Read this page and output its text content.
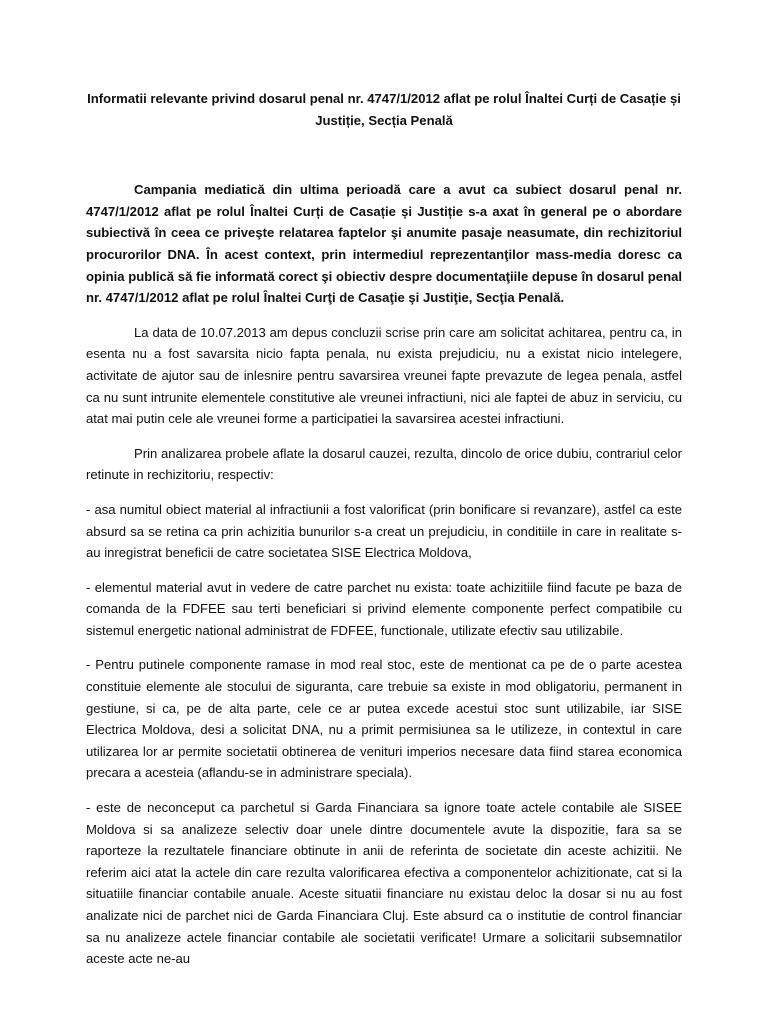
Informatii relevante privind dosarul penal nr. 4747/1/2012 aflat pe rolul Înaltei Curți de Casație și Justiție, Secția Penală

Campania mediatică din ultima perioadă care a avut ca subiect dosarul penal nr. 4747/1/2012 aflat pe rolul Înaltei Curți de Casație și Justiție s-a axat în general pe o abordare subiectivă în ceea ce priveşte relatarea faptelor şi anumite pasaje neasumate, din rechizitoriul procurorilor DNA. În acest context, prin intermediul reprezentanţilor mass-media doresc ca opinia publică să fie informată corect şi obiectiv despre documentaţiile depuse în dosarul penal nr. 4747/1/2012 aflat pe rolul Înaltei Curţi de Casaţie şi Justiţie, Secţia Penală.

La data de 10.07.2013 am depus concluzii scrise prin care am solicitat achitarea, pentru ca, in esenta nu a fost savarsita nicio fapta penala, nu exista prejudiciu, nu a existat nicio intelegere, activitate de ajutor sau de inlesnire pentru savarsirea vreunei fapte prevazute de legea penala, astfel ca nu sunt intrunite elementele constitutive ale vreunei infractiuni, nici ale faptei de abuz in serviciu, cu atat mai putin cele ale vreunei forme a participatiei la savarsirea acestei infractiuni.

Prin analizarea probele aflate la dosarul cauzei, rezulta, dincolo de orice dubiu, contrariul celor retinute in rechizitoriu, respectiv:

- asa numitul obiect material al infractiunii a fost valorificat (prin bonificare si revanzare), astfel ca este absurd sa se retina ca prin achizitia bunurilor s-a creat un prejudiciu, in conditiile in care in realitate s-au inregistrat beneficii de catre societatea SISE Electrica Moldova,

- elementul material avut in vedere de catre parchet nu exista: toate achizitiile fiind facute pe baza de comanda de la FDFEE sau terti beneficiari si privind elemente componente perfect compatibile cu sistemul energetic national administrat de FDFEE, functionale, utilizate efectiv sau utilizabile.

- Pentru putinele componente ramase in mod real stoc, este de mentionat ca pe de o parte acestea constituie elemente ale stocului de siguranta, care trebuie sa existe in mod obligatoriu, permanent in gestiune, si ca, pe de alta parte, cele ce ar putea excede acestui stoc sunt utilizabile, iar SISE Electrica Moldova, desi a solicitat DNA, nu a primit permisiunea sa le utilizeze, in contextul in care utilizarea lor ar permite societatii obtinerea de venituri imperios necesare data fiind starea economica precara a acesteia (aflandu-se in administrare speciala).

- este de neconceput ca parchetul si Garda Financiara sa ignore toate actele contabile ale SISEE Moldova si sa analizeze selectiv doar unele dintre documentele avute la dispozitie, fara sa se raporteze la rezultatele financiare obtinute in anii de referinta de societate din aceste achizitii. Ne referim aici atat la actele din care rezulta valorificarea efectiva a componentelor achizitionate, cat si la situatiile financiar contabile anuale. Aceste situatii financiare nu existau deloc la dosar si nu au fost analizate nici de parchet nici de Garda Financiara Cluj. Este absurd ca o institutie de control financiar sa nu analizeze actele financiar contabile ale societatii verificate! Urmare a solicitarii subsemnatilor aceste acte ne-au
